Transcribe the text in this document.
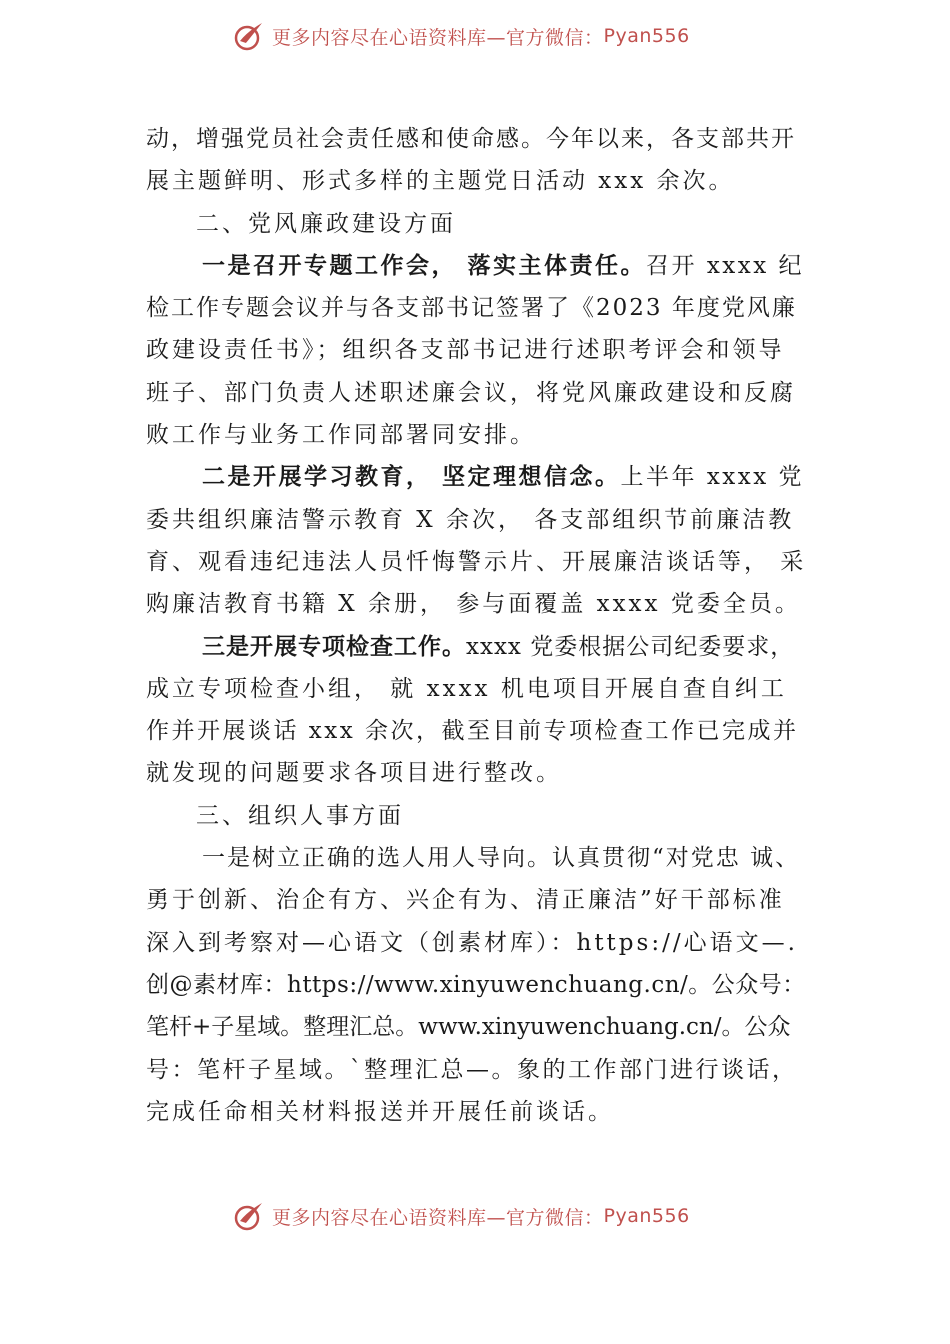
更多内容尽在心语资料库—官方微信： Pyan556
动，增强党员社会责任感和使命感。今年以来，各支部共开
展主题鲜明、形式多样的主题党日活动 xxx 余次。
二、党风廉政建设方面
一是召开专题工作会， 落实主体责任。召开 xxxx 纪
检工作专题会议并与各支部书记签署了《2023 年度党风廉
政建设责任书》；组织各支部书记进行述职考评会和领导
班子、部门负责人述职述廉会议，将党风廉政建设和反腐
败工作与业务工作同部署同安排。
二是开展学习教育， 坚定理想信念。上半年 xxxx 党
委共组织廉洁警示教育 X 余次， 各支部组织节前廉洁教
育、观看违纪违法人员忏悔警示片、开展廉洁谈话等， 采
购廉洁教育书籍 X 余册， 参与面覆盖 xxxx 党委全员。
三是开展专项检查工作。xxxx 党委根据公司纪委要求，
成立专项检查小组， 就 xxxx 机电项目开展自查自纠工
作并开展谈话 xxx 余次，截至目前专项检查工作已完成并
就发现的问题要求各项目进行整改。
三、组织人事方面
一是树立正确的选人用人导向。认真贯彻“对党忠 诚、
勇于创新、治企有方、兴企有为、清正廉洁”好干部标准
深入到考察对—心语文（创素材库）：https://心语文—.
创@素材库：https://www.xinyuwenchuang.cn/。公众号：
笔杆+子星域。整理汇总。www.xinyuwenchuang.cn/。公众
号：笔杆子星域。`整理汇总—。象的工作部门进行谈话，
完成任命相关材料报送并开展任前谈话。
更多内容尽在心语资料库—官方微信： Pyan556
